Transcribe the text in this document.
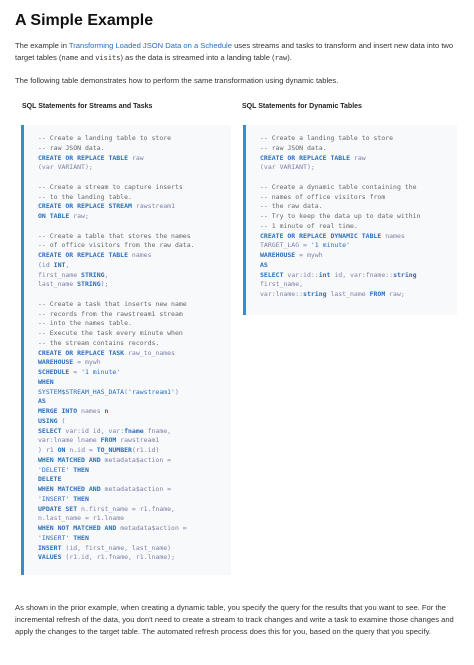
A Simple Example

The example in Transforming Loaded JSON Data on a Schedule uses streams and tasks to transform and insert new data into two target tables (name and visits) as the data is streamed into a landing table (raw).

The following table demonstrates how to perform the same transformation using dynamic tables.

SQL Statements for Streams and Tasks	SQL Statements for Dynamic Tables
-- Create a landing table to store
-- raw JSON data.
CREATE OR REPLACE TABLE raw
(var VARIANT);

-- Create a stream to capture inserts
-- to the landing table.
CREATE OR REPLACE STREAM rawstream1
ON TABLE raw;

-- Create a table that stores the names
-- of office visitors from the raw data.
CREATE OR REPLACE TABLE names
(id INT,
first_name STRING,
last_name STRING);

-- Create a task that inserts new name
-- records from the rawstream1 stream
-- into the names table.
-- Execute the task every minute when
-- the stream contains records.
CREATE OR REPLACE TASK raw_to_names
WAREHOUSE = mywh
SCHEDULE = '1 minute'
WHEN
SYSTEM$STREAM_HAS_DATA('rawstream1')
AS
MERGE INTO names n
USING (
SELECT var:id id, var:fname fname,
var:lname lname FROM rawstream1
) r1 ON n.id = TO_NUMBER(r1.id)
WHEN MATCHED AND metadata$action =
'DELETE' THEN
DELETE
WHEN MATCHED AND metadata$action =
'INSERT' THEN
UPDATE SET n.first_name = r1.fname,
n.last_name = r1.lname
WHEN NOT MATCHED AND metadata$action =
'INSERT' THEN
INSERT (id, first_name, last_name)
VALUES (r1.id, r1.fname, r1.lname);
-- Create a landing table to store
-- raw JSON data.
CREATE OR REPLACE TABLE raw
(var VARIANT);

-- Create a dynamic table containing the
-- names of office visitors from
-- the raw data.
-- Try to keep the data up to date within
-- 1 minute of real time.
CREATE OR REPLACE DYNAMIC TABLE names
TARGET_LAG = '1 minute'
WAREHOUSE = mywh
AS
SELECT var:id::int id, var:fname::string
first_name,
var:lname::string last_name FROM raw;

As shown in the prior example, when creating a dynamic table, you specify the query for the results that you want to see. For the incremental refresh of the data, you don't need to create a stream to track changes and write a task to examine those changes and apply the changes to the target table. The automated refresh process does this for you, based on the query that you specify.
